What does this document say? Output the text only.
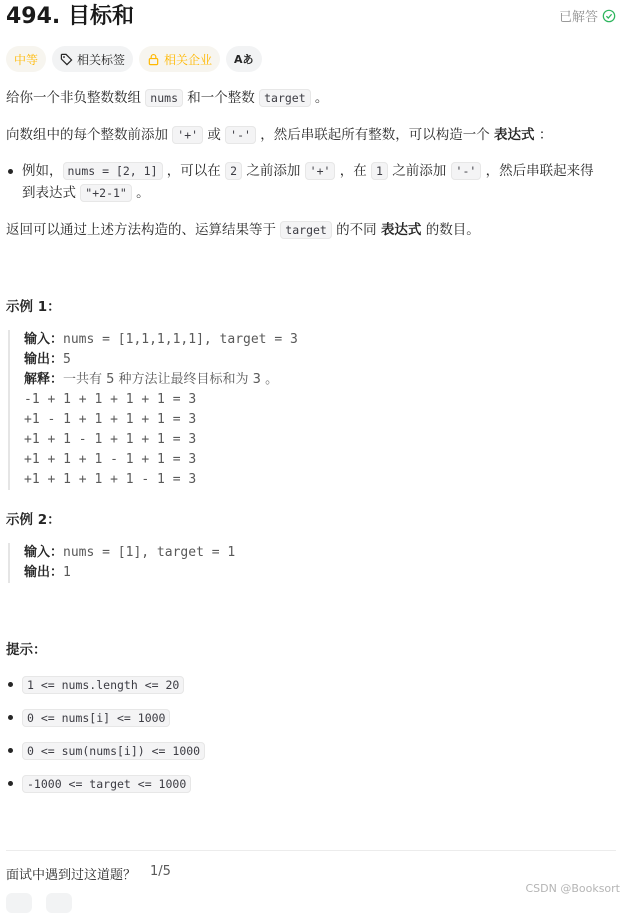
494. 目标和	已解答
中等	相关标签	相关企业 Aあ

给你一个非负整数数组 nums 和一个整数 target 。

向数组中的每个整数前添加 '+' 或 '-' ，然后串联起所有整数，可以构造一个 表达式 ：

例如， nums = [2, 1] ，可以在 2 之前添加 '+' ，在 1 之前添加 '-' ，然后串联起来得
到表达式 "+2-1" 。

返回可以通过上述方法构造的、运算结果等于 target 的不同 表达式 的数目。

示例 1：
输入：nums = [1,1,1,1,1], target = 3
输出：5
解释：一共有 5 种方法让最终目标和为 3 。
-1 + 1 + 1 + 1 + 1 = 3
+1 - 1 + 1 + 1 + 1 = 3
+1 + 1 - 1 + 1 + 1 = 3
+1 + 1 + 1 - 1 + 1 = 3
+1 + 1 + 1 + 1 - 1 = 3
示例 2：
输入：nums = [1], target = 1
输出：1
提示：

1 <= nums.length <= 20

0 <= nums[i] <= 1000

0 <= sum(nums[i]) <= 1000

-1000 <= target <= 1000

面试中遇到过这道题？ 1/5
CSDN @Booksort
